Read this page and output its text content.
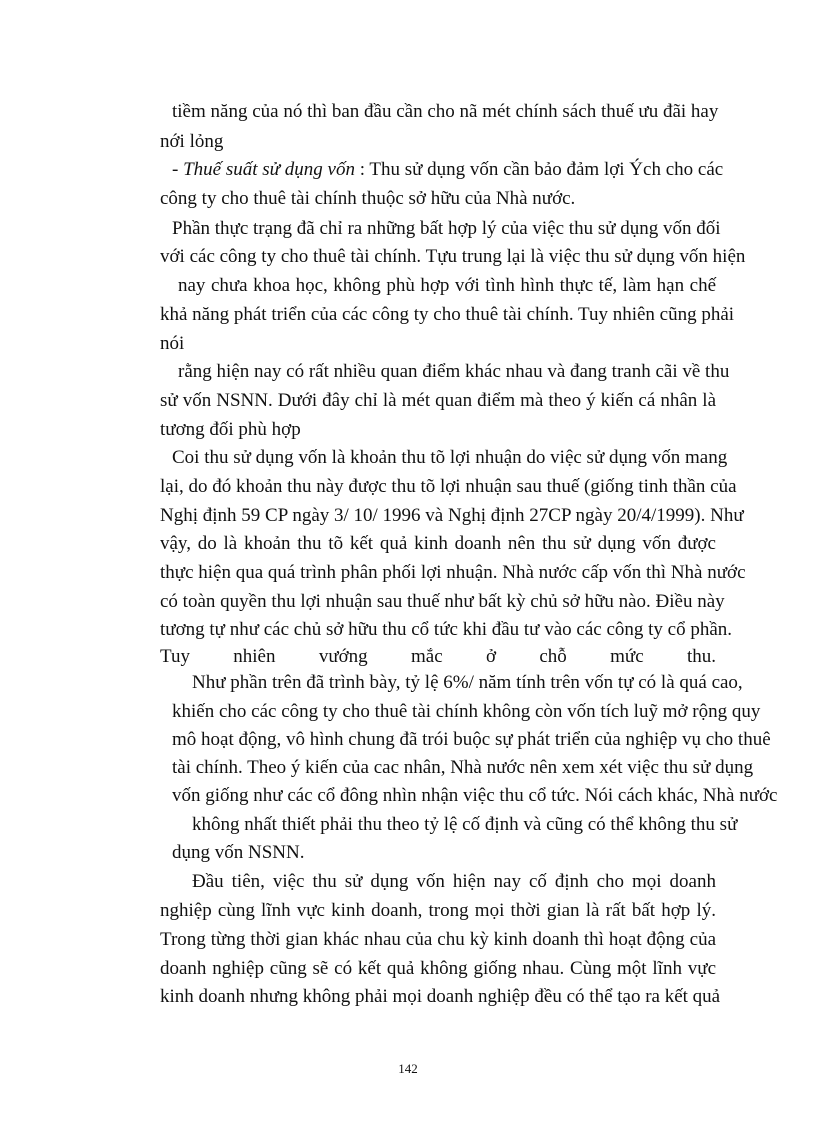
tiềm năng của nó thì ban đầu cần cho nã mét chính sách thuế ưu đãi hay
nới lỏng
- Thuế suất sử dụng vốn : Thu sử dụng vốn cần bảo đảm lợi Ých cho các
công ty cho thuê tài chính thuộc sở hữu của Nhà nước.
Phần thực trạng đã chỉ ra những bất hợp lý của việc thu sử dụng vốn đối
với các công ty cho thuê tài chính. Tựu trung lại là việc thu sử dụng vốn hiện
nay chưa khoa học, không phù hợp với tình hình thực tế, làm hạn chế
khả năng phát triển của các công ty cho thuê tài chính. Tuy nhiên cũng phải
nói
rằng hiện nay có rất nhiều quan điểm khác nhau và đang tranh cãi về thu
sử vốn NSNN. Dưới đây chỉ là mét quan điểm mà theo ý kiến cá nhân là
tương đối phù hợp
Coi thu sử dụng vốn là khoản thu tõ lợi nhuận do việc sử dụng vốn mang
lại, do đó khoản thu này được thu tõ lợi nhuận sau thuế (giống tinh thần của
Nghị định 59 CP ngày 3/ 10/ 1996 và Nghị định 27CP ngày 20/4/1999). Như
vậy, do là khoản thu tõ kết quả kinh doanh nên thu sử dụng vốn được
thực hiện qua quá trình phân phối lợi nhuận. Nhà nước cấp vốn thì Nhà nước
có toàn quyền thu lợi nhuận sau thuế như bất kỳ chủ sở hữu nào. Điều này
tương tự như các chủ sở hữu thu cổ tức khi đầu tư vào các công ty cổ phần.
Tuy nhiên vướng mắc ở chỗ mức thu.
Như phần trên đã trình bày, tỷ lệ 6%/ năm tính trên vốn tự có là quá cao,
khiến cho các công ty cho thuê tài chính không còn vốn tích luỹ mở rộng quy
mô hoạt động, vô hình chung đã trói buộc sự phát triển của nghiệp vụ cho thuê
tài chính. Theo ý kiến của cac nhân, Nhà nước nên xem xét việc thu sử dụng
vốn giống như các cổ đông nhìn nhận việc thu cổ tức. Nói cách khác, Nhà nước
không nhất thiết phải thu theo tỷ lệ cố định và cũng có thể không thu sử
dụng vốn NSNN.
Đầu tiên, việc thu sử dụng vốn hiện nay cố định cho mọi doanh
nghiệp cùng lĩnh vực kinh doanh, trong mọi thời gian là rất bất hợp lý.
Trong từng thời gian khác nhau của chu kỳ kinh doanh thì hoạt động của
doanh nghiệp cũng sẽ có kết quả không giống nhau. Cùng một lĩnh vực
kinh doanh nhưng không phải mọi doanh nghiệp đều có thể tạo ra kết quả
142
